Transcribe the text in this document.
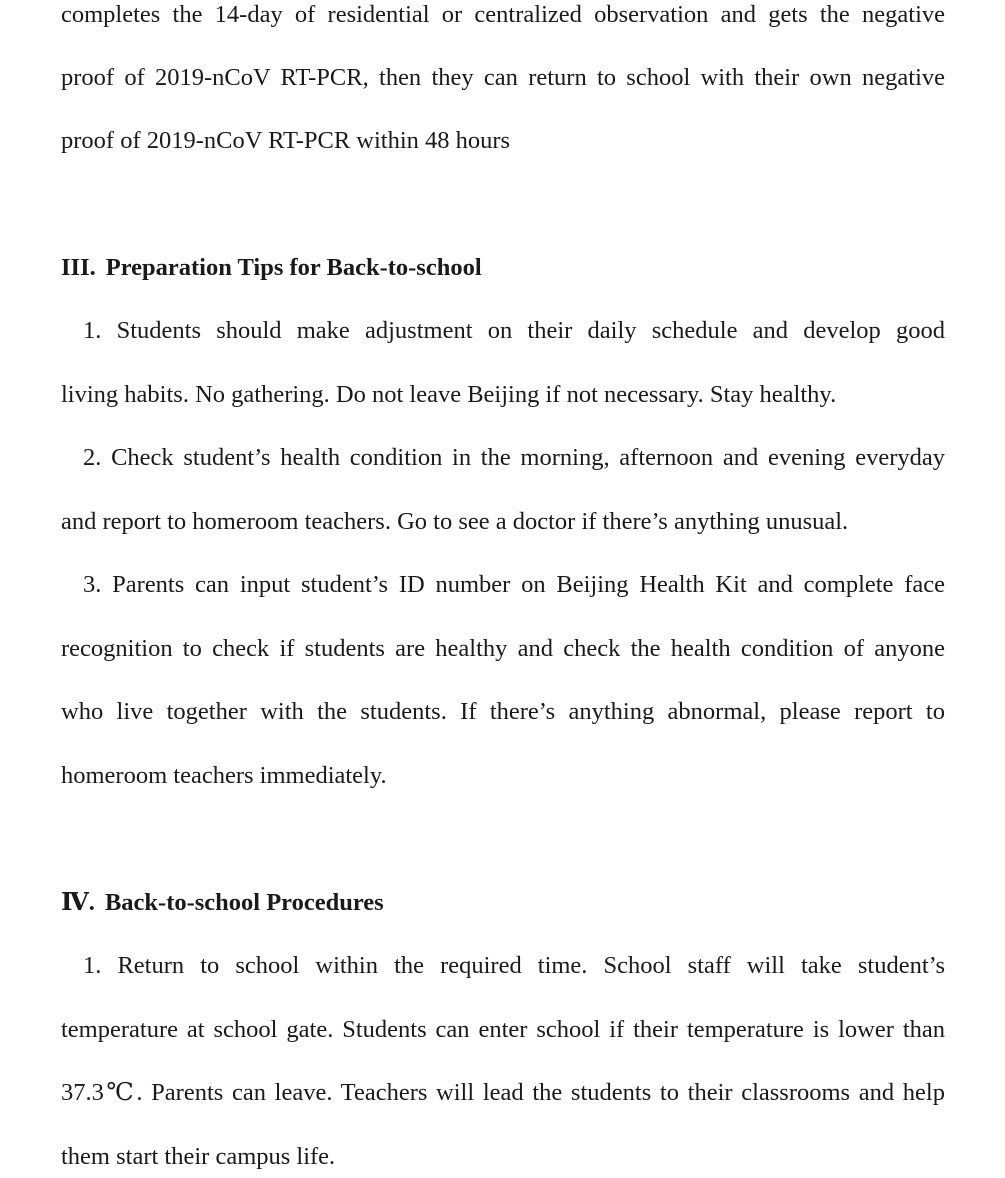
completes the 14-day of residential or centralized observation and gets the negative
proof of 2019-nCoV RT-PCR, then they can return to school with their own negative
proof of 2019-nCoV RT-PCR within 48 hours
III. Preparation Tips for Back-to-school
1. Students should make adjustment on their daily schedule and develop good
living habits. No gathering. Do not leave Beijing if not necessary. Stay healthy.
2. Check student’s health condition in the morning, afternoon and evening everyday
and report to homeroom teachers. Go to see a doctor if there’s anything unusual.
3. Parents can input student’s ID number on Beijing Health Kit and complete face
recognition to check if students are healthy and check the health condition of anyone
who live together with the students. If there’s anything abnormal, please report to
homeroom teachers immediately.
Ⅳ. Back-to-school Procedures
1. Return to school within the required time. School staff will take student’s
temperature at school gate. Students can enter school if their temperature is lower than
37.3℃. Parents can leave. Teachers will lead the students to their classrooms and help
them start their campus life.
